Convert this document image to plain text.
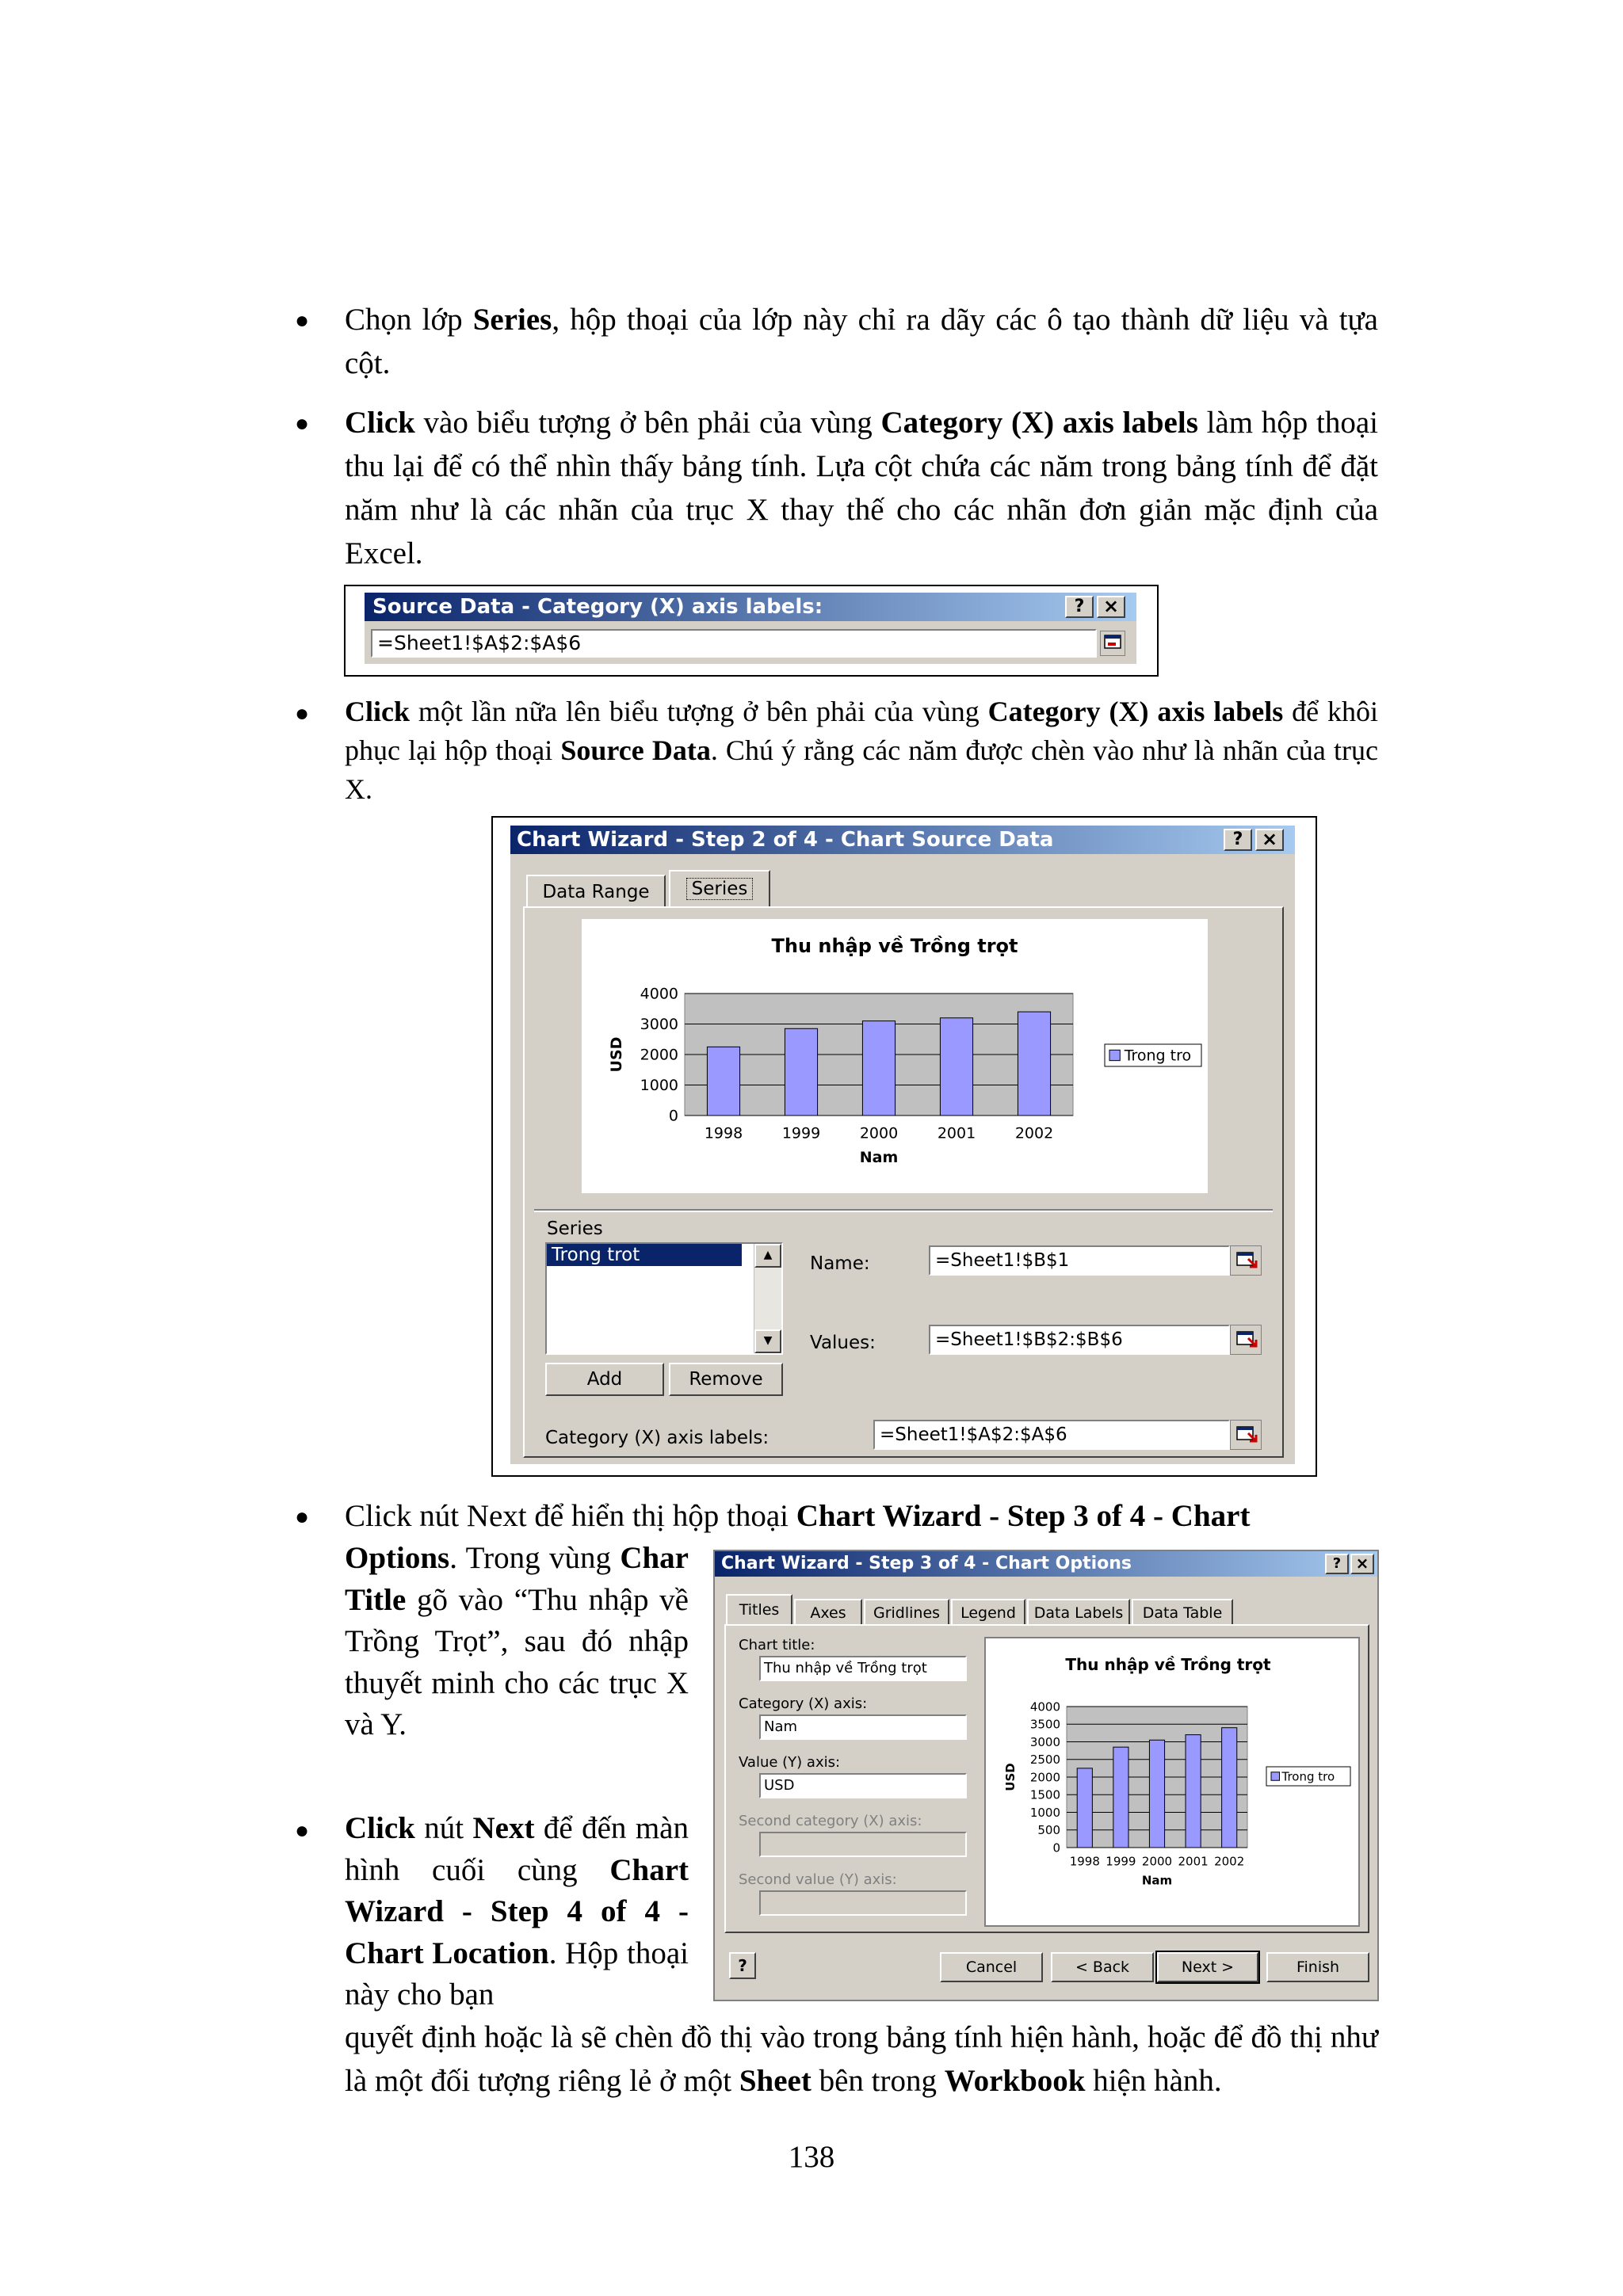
● Chọn lớp Series, hộp thoại của lớp này chỉ ra dãy các ô tạo thành dữ liệu và tựa cột.
● Click vào biểu tượng ở bên phải của vùng Category (X) axis labels làm hộp thoại thu lại để có thể nhìn thấy bảng tính. Lựa cột chứa các năm trong bảng tính để đặt năm như là các nhãn của trục X thay thế cho các nhãn đơn giản mặc định của Excel.
Source Data - Category (X) axis labels:	? ×
=Sheet1!$A$2:$A$6
● Click một lần nữa lên biểu tượng ở bên phải của vùng Category (X) axis labels để khôi phục lại hộp thoại Source Data. Chú ý rằng các năm được chèn vào như là nhãn của trục X.
Chart Wizard - Step 2 of 4 - Chart Source Data	? ×
Data Range	Series
Thu nhập về Trồng trọt
0
1000
2000
3000
4000
1998	1999	2000	2001	2002
Nam
USD	Trong tro
Series
Trong trot	▲
▼
Add	Remove
Name:	=Sheet1!$B$1
Values:	=Sheet1!$B$2:$B$6
Category (X) axis labels:	=Sheet1!$A$2:$A$6
● Click nút Next để hiển thị hộp thoại Chart Wizard - Step 3 of 4 - Chart
Options. Trong vùng Char Title gõ vào “Thu nhập về Trồng Trọt”, sau đó nhập thuyết minh cho các trục X và Y.
● Click nút Next để đến màn hình cuối cùng Chart Wizard - Step 4 of 4 - Chart Location. Hộp thoại này cho bạn
quyết định hoặc là sẽ chèn đồ thị vào trong bảng tính hiện hành, hoặc để đồ thị như là một đối tượng riêng lẻ ở một Sheet bên trong Workbook hiện hành.
Chart Wizard - Step 3 of 4 - Chart Options	? ×
Titles	Axes	Gridlines	Legend	Data Labels	Data Table
Chart title:
Thu nhập về Trồng trọt
Category (X) axis:
Nam
Value (Y) axis:
USD
Second category (X) axis:
Second value (Y) axis:
Thu nhập về Trồng trọt
0
500
1000
1500
2000
2500
3000
3500
4000
1998 1999 2000 2001 2002
Nam
USD	Trong tro
?	Cancel	< Back	Next >	Finish
138
